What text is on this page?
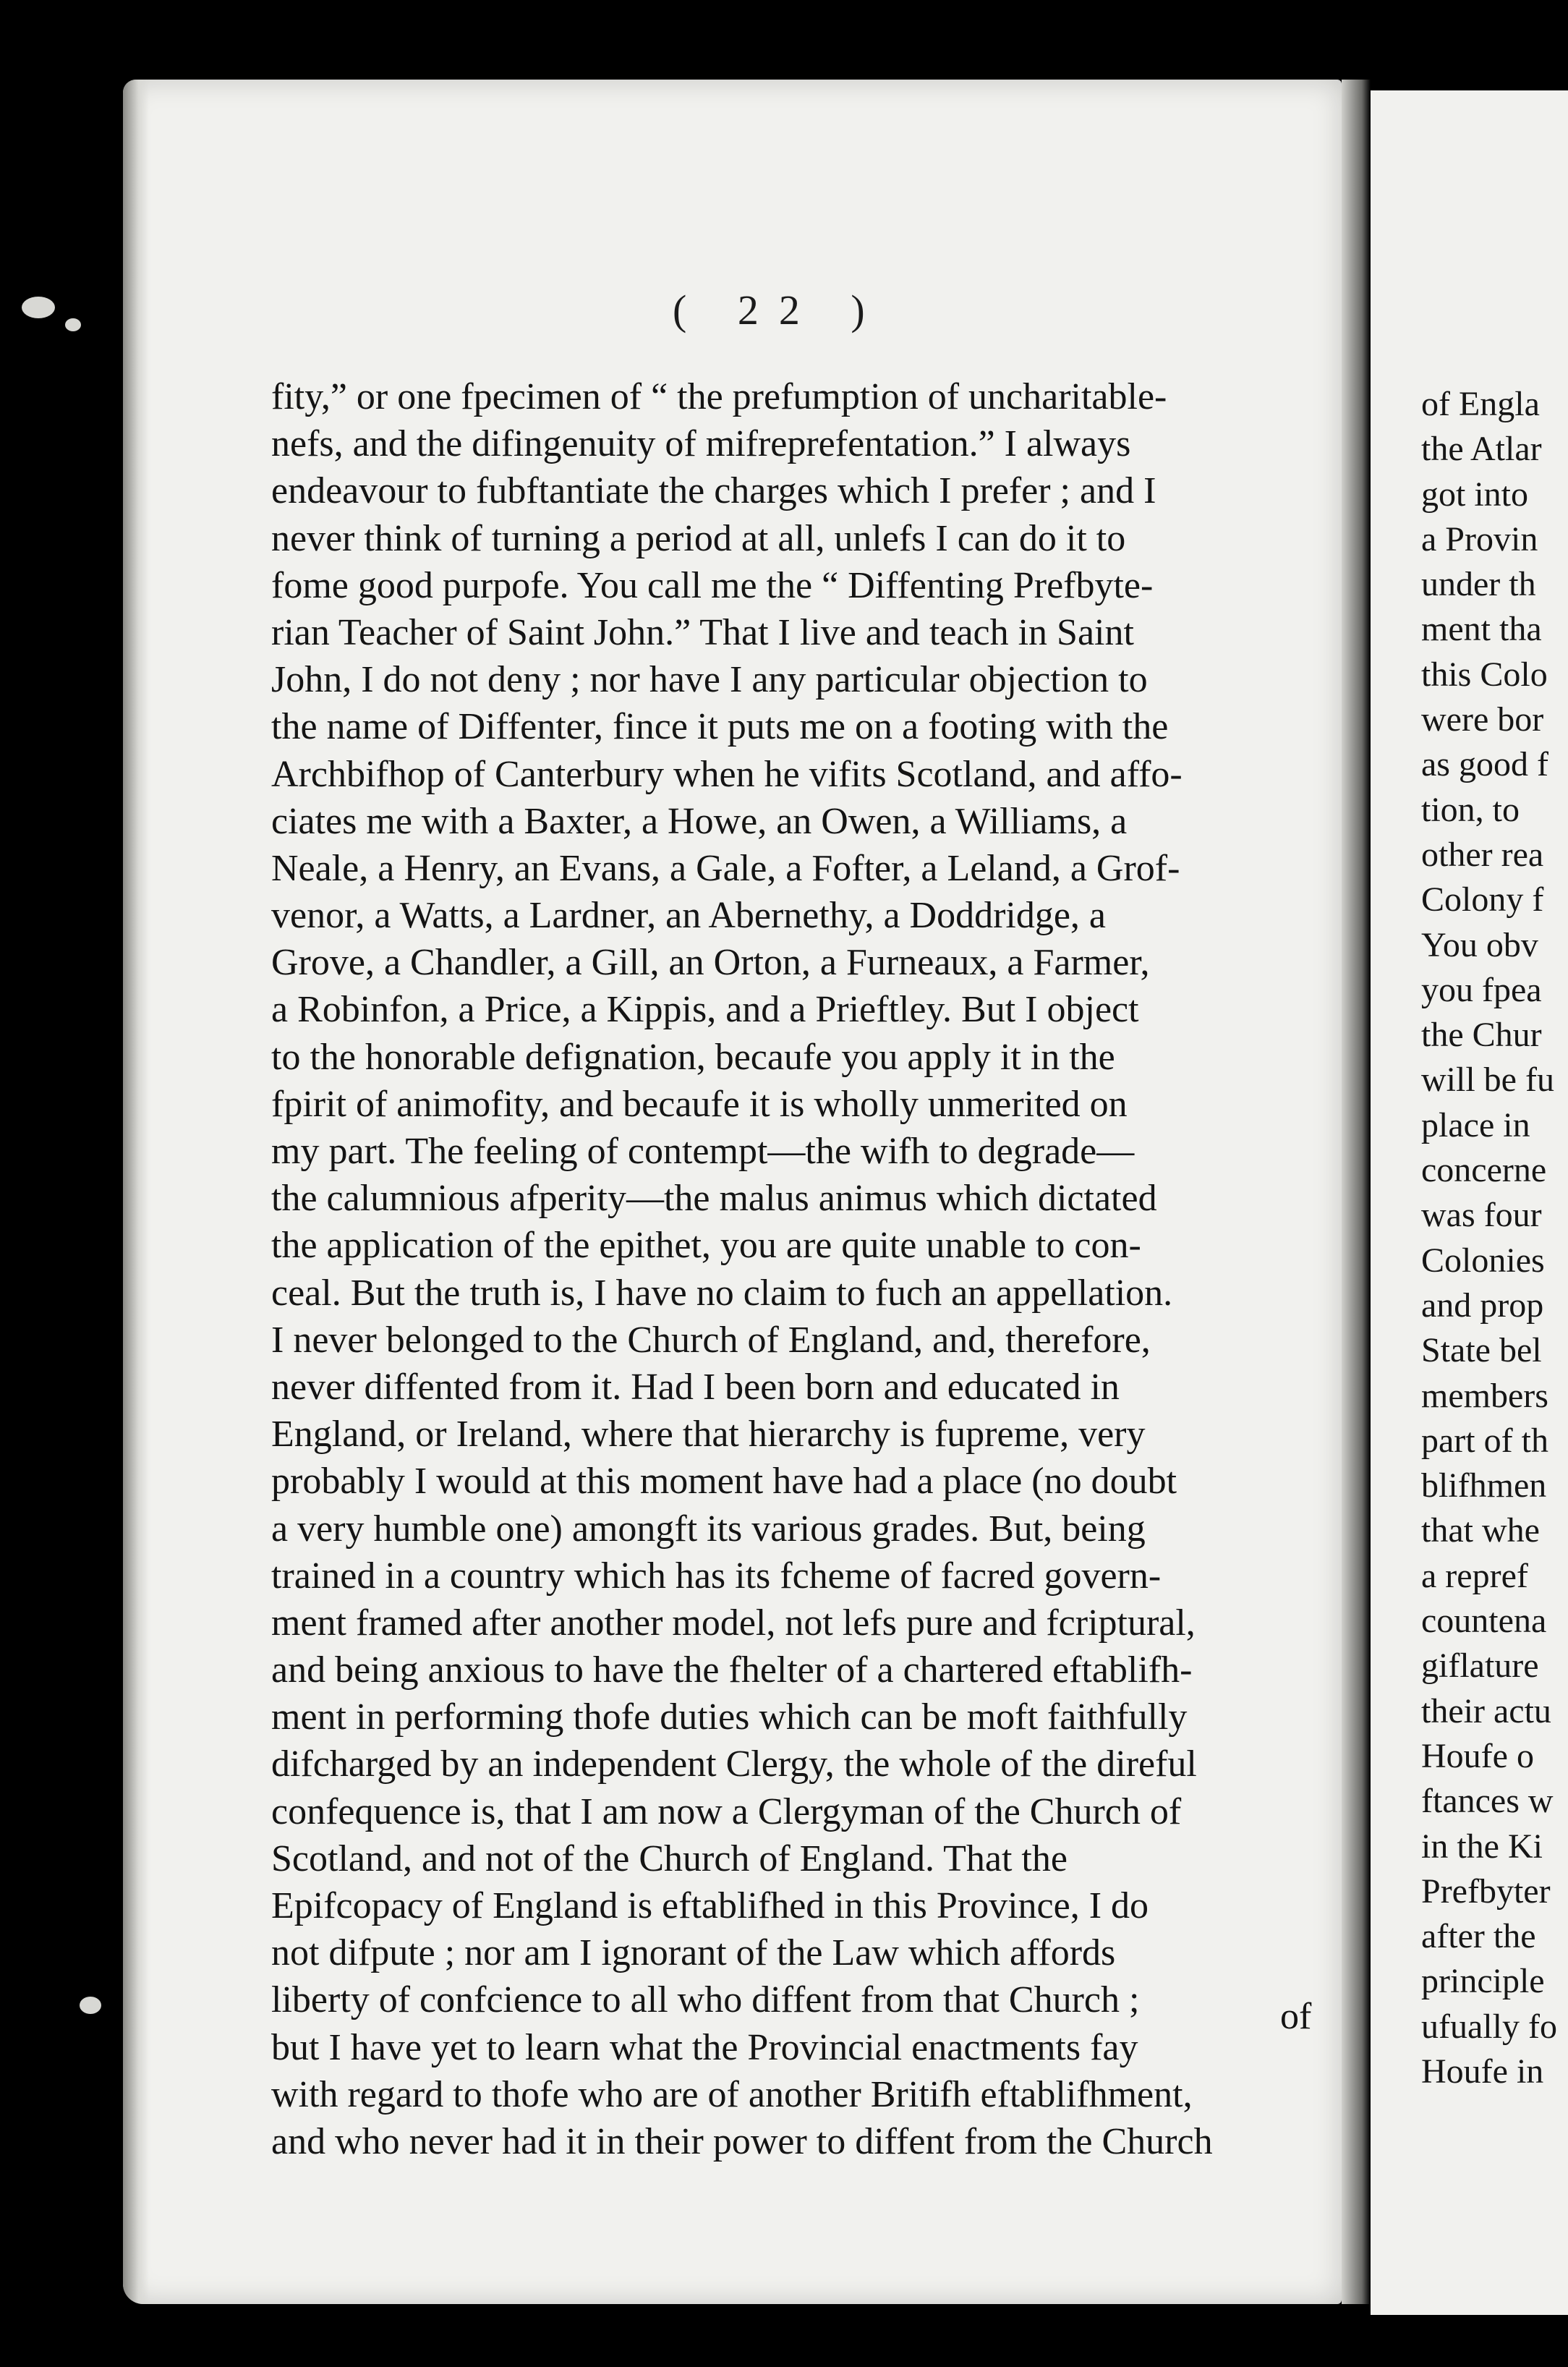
( 22 )
fity,” or one fpecimen of “ the prefumption of uncharitable-
nefs, and the difingenuity of mifreprefentation.” I always
endeavour to fubftantiate the charges which I prefer ; and I
never think of turning a period at all, unlefs I can do it to
fome good purpofe. You call me the “ Diffenting Prefbyte-
rian Teacher of Saint John.” That I live and teach in Saint
John, I do not deny ; nor have I any particular objection to
the name of Diffenter, fince it puts me on a footing with the
Archbifhop of Canterbury when he vifits Scotland, and affo-
ciates me with a Baxter, a Howe, an Owen, a Williams, a
Neale, a Henry, an Evans, a Gale, a Fofter, a Leland, a Grof-
venor, a Watts, a Lardner, an Abernethy, a Doddridge, a
Grove, a Chandler, a Gill, an Orton, a Furneaux, a Farmer,
a Robinfon, a Price, a Kippis, and a Prieftley. But I object
to the honorable defignation, becaufe you apply it in the
fpirit of animofity, and becaufe it is wholly unmerited on
my part. The feeling of contempt—the wifh to degrade—
the calumnious afperity—the malus animus which dictated
the application of the epithet, you are quite unable to con-
ceal. But the truth is, I have no claim to fuch an appellation.
I never belonged to the Church of England, and, therefore,
never diffented from it. Had I been born and educated in
England, or Ireland, where that hierarchy is fupreme, very
probably I would at this moment have had a place (no doubt
a very humble one) amongft its various grades. But, being
trained in a country which has its fcheme of facred govern-
ment framed after another model, not lefs pure and fcriptural,
and being anxious to have the fhelter of a chartered eftablifh-
ment in performing thofe duties which can be moft faithfully
difcharged by an independent Clergy, the whole of the direful
confequence is, that I am now a Clergyman of the Church of
Scotland, and not of the Church of England. That the
Epifcopacy of England is eftablifhed in this Province, I do
not difpute ; nor am I ignorant of the Law which affords
liberty of confcience to all who diffent from that Church ;
but I have yet to learn what the Provincial enactments fay
with regard to thofe who are of another Britifh eftablifhment,
and who never had it in their power to diffent from the Church
of
of Engla
the Atlar
got into
a Provin
under th
ment tha
this Colo
were bor
as good f
tion, to
other rea
Colony f
You obv
you fpea
the Chur
will be fu
place in
concerne
was four
Colonies
and prop
State bel
members
part of th
blifhmen
that whe
a repref
countena
giflature
their actu
Houfe o
ftances w
in the Ki
Prefbyter
after the
principle
ufually fo
Houfe in
